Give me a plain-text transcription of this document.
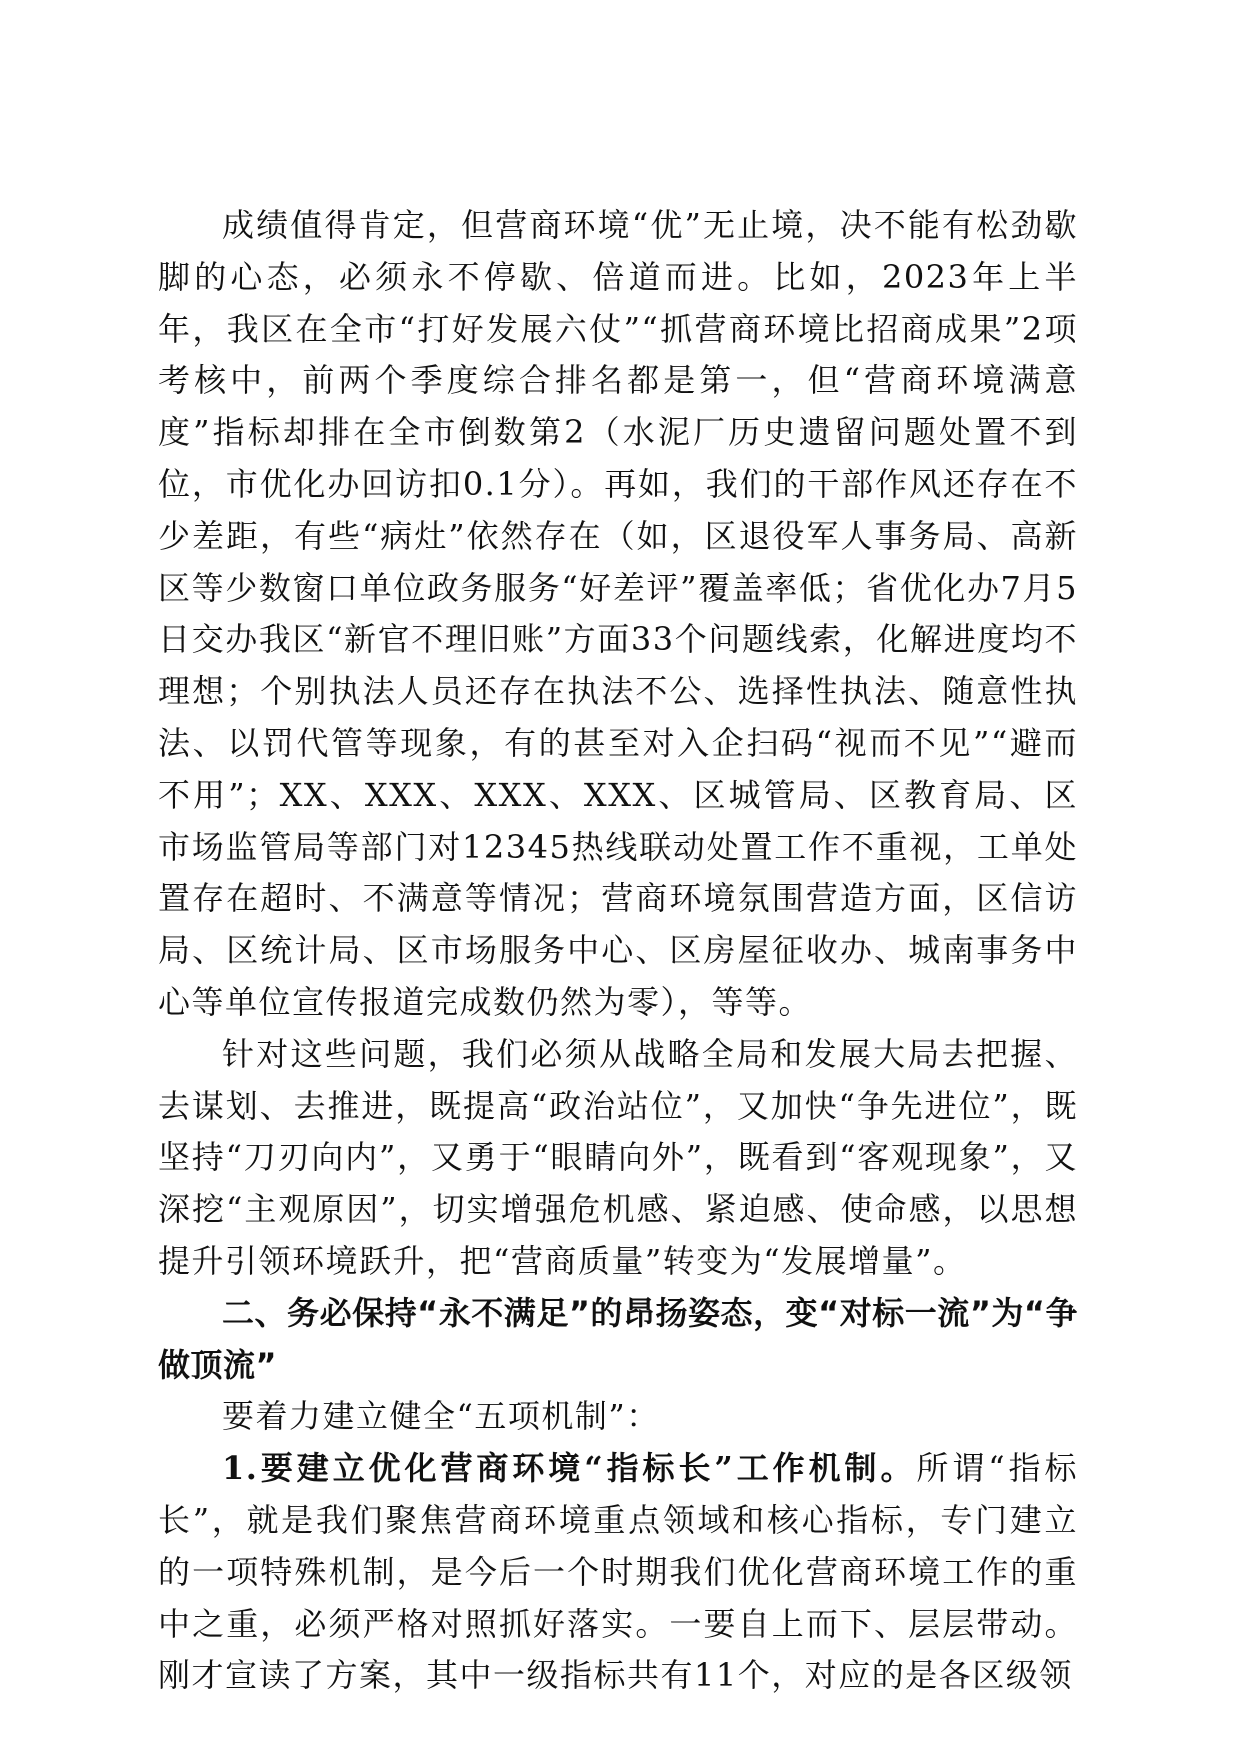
成绩值得肯定，但营商环境“优”无止境，决不能有松劲歇脚的心态，必须永不停歇、倍道而进。比如，2023年上半年，我区在全市“打好发展六仗”“抓营商环境比招商成果”2项考核中，前两个季度综合排名都是第一，但“营商环境满意度”指标却排在全市倒数第2（水泥厂历史遗留问题处置不到位，市优化办回访扣0.1分）。再如，我们的干部作风还存在不少差距，有些“病灶”依然存在（如，区退役军人事务局、高新区等少数窗口单位政务服务“好差评”覆盖率低；省优化办7月5日交办我区“新官不理旧账”方面33个问题线索，化解进度均不理想；个别执法人员还存在执法不公、选择性执法、随意性执法、以罚代管等现象，有的甚至对入企扫码“视而不见”“避而不用”；XX、XXX、XXX、XXX、区城管局、区教育局、区市场监管局等部门对12345热线联动处置工作不重视，工单处置存在超时、不满意等情况；营商环境氛围营造方面，区信访局、区统计局、区市场服务中心、区房屋征收办、城南事务中心等单位宣传报道完成数仍然为零），等等。

针对这些问题，我们必须从战略全局和发展大局去把握、去谋划、去推进，既提高“政治站位”，又加快“争先进位”，既坚持“刀刃向内”，又勇于“眼睛向外”，既看到“客观现象”，又深挖“主观原因”，切实增强危机感、紧迫感、使命感，以思想提升引领环境跃升，把“营商质量”转变为“发展增量”。

二、务必保持“永不满足”的昂扬姿态，变“对标一流”为“争做顶流”

要着力建立健全“五项机制”：

1.要建立优化营商环境“指标长”工作机制。所谓“指标长”，就是我们聚焦营商环境重点领域和核心指标，专门建立的一项特殊机制，是今后一个时期我们优化营商环境工作的重中之重，必须严格对照抓好落实。一要自上而下、层层带动。刚才宣读了方案，其中一级指标共有11个，对应的是各区级领
